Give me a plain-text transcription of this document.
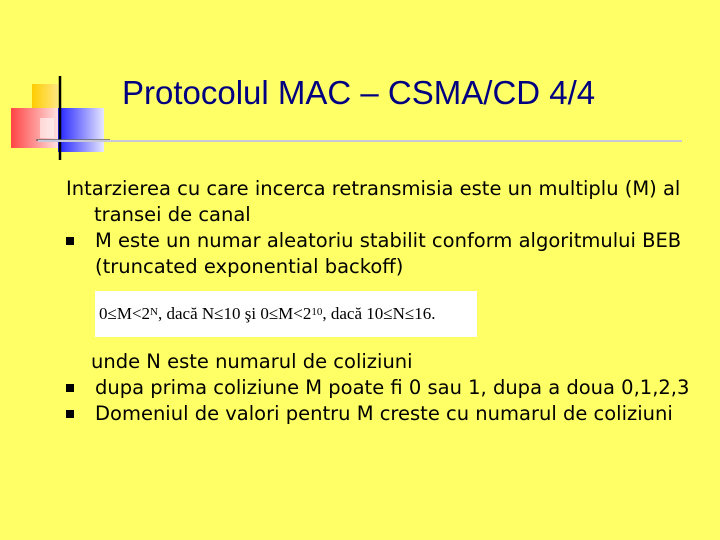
Protocolul MAC – CSMA/CD 4/4

Intarzierea cu care incerca retransmisia este un multiplu (M) al transei de canal

M este un numar aleatoriu stabilit conform algoritmului BEB (truncated exponential backoff)
$0\le M<2^N$ , dacă N≤10 şi $0\le M<2^{10}$ , dacă 10≤N≤16.

unde N este numarul de coliziuni

dupa prima coliziune M poate fi 0 sau 1, dupa a doua 0,1,2,3
Domeniul de valori pentru M creste cu numarul de coliziuni
